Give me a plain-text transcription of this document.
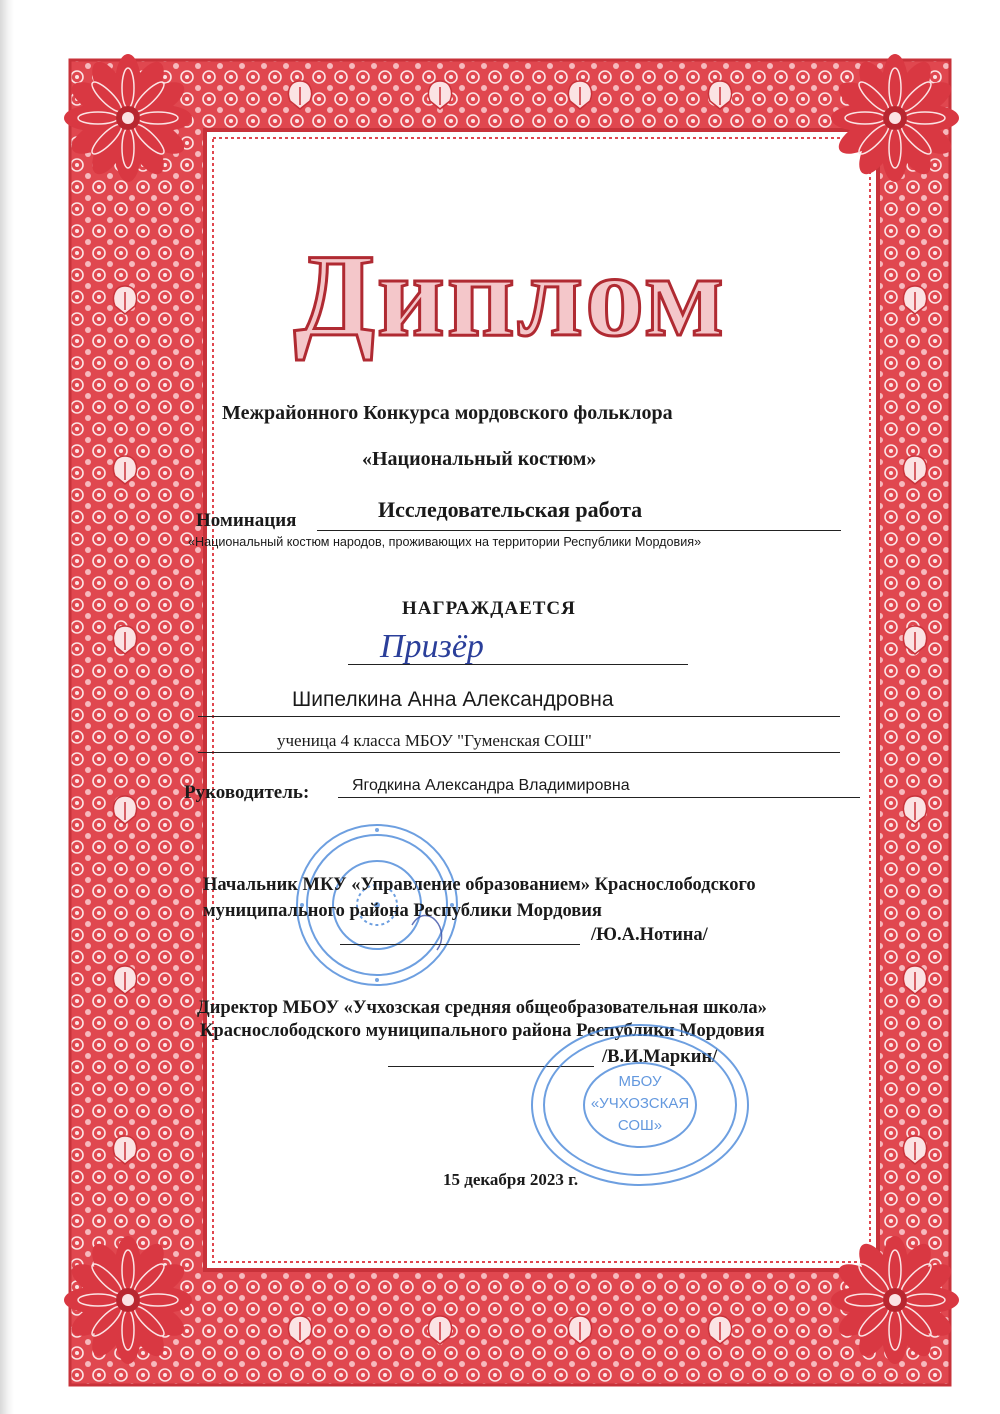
Диплом
Межрайонного Конкурса мордовского фольклора
«Национальный костюм»
Номинация	Исследовательская работа
«Национальный костюм народов, проживающих на территории Республики Мордовия»
НАГРАЖДАЕТСЯ
Призёр
Шипелкина Анна Александровна
ученица 4 класса МБОУ "Гуменская СОШ"
Руководитель:	Ягодкина Александра Владимировна
Начальник МКУ «Управление образованием» Краснослободского
муниципального района Республики Мордовия
/Ю.А.Нотина/
Директор МБОУ «Учхозская средняя общеобразовательная школа»
Краснослободского муниципального района Республики Мордовия
/В.И.Маркин/
МБОУ
«УЧХОЗСКАЯ
СОШ»
15 декабря 2023 г.
